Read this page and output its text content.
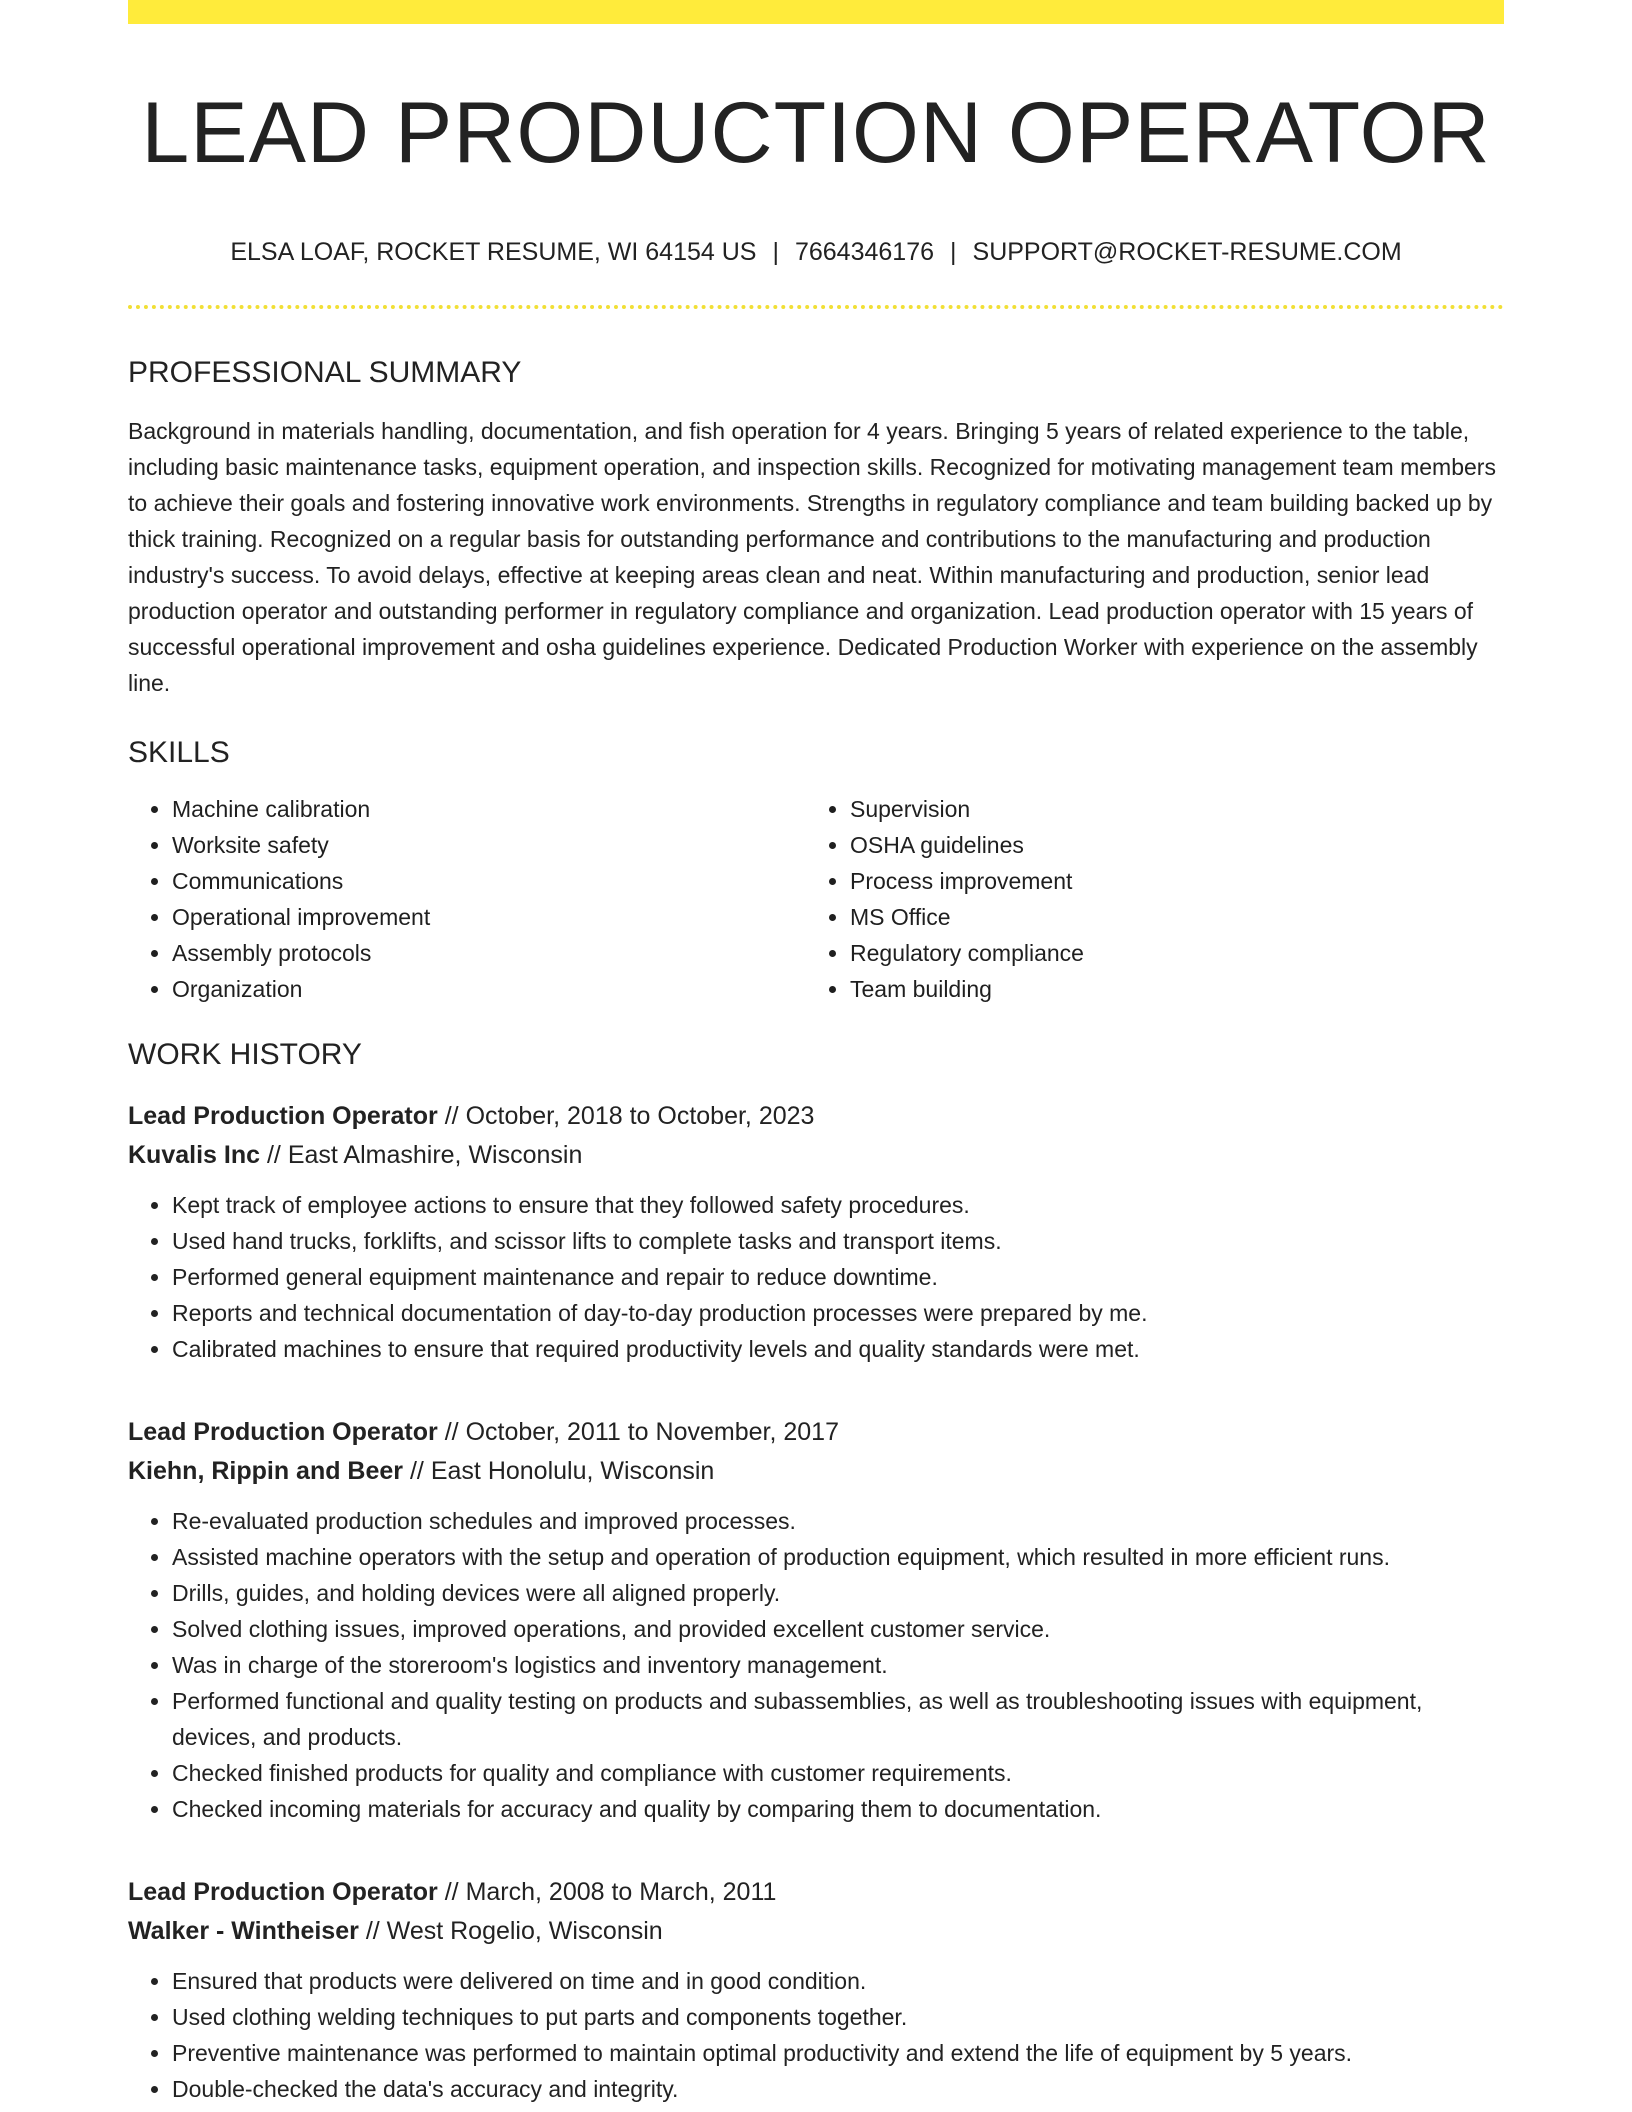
LEAD PRODUCTION OPERATOR
ELSA LOAF, ROCKET RESUME, WI 64154 US | 7664346176 | SUPPORT@ROCKET-RESUME.COM
PROFESSIONAL SUMMARY

Background in materials handling, documentation, and fish operation for 4 years. Bringing 5 years of related experience to the table, including basic maintenance tasks, equipment operation, and inspection skills. Recognized for motivating management team members to achieve their goals and fostering innovative work environments. Strengths in regulatory compliance and team building backed up by thick training. Recognized on a regular basis for outstanding performance and contributions to the manufacturing and production industry's success. To avoid delays, effective at keeping areas clean and neat. Within manufacturing and production, senior lead production operator and outstanding performer in regulatory compliance and organization. Lead production operator with 15 years of successful operational improvement and osha guidelines experience. Dedicated Production Worker with experience on the assembly line.

SKILLS
• Machine calibration
• Worksite safety
• Communications
• Operational improvement
• Assembly protocols
• Organization
• Supervision
• OSHA guidelines
• Process improvement
• MS Office
• Regulatory compliance
• Team building
WORK HISTORY
Lead Production Operator // October, 2018 to October, 2023
Kuvalis Inc // East Almashire, Wisconsin
• Kept track of employee actions to ensure that they followed safety procedures.
• Used hand trucks, forklifts, and scissor lifts to complete tasks and transport items.
• Performed general equipment maintenance and repair to reduce downtime.
• Reports and technical documentation of day-to-day production processes were prepared by me.
• Calibrated machines to ensure that required productivity levels and quality standards were met.
Lead Production Operator // October, 2011 to November, 2017
Kiehn, Rippin and Beer // East Honolulu, Wisconsin
• Re-evaluated production schedules and improved processes.
• Assisted machine operators with the setup and operation of production equipment, which resulted in more efficient runs.
• Drills, guides, and holding devices were all aligned properly.
• Solved clothing issues, improved operations, and provided excellent customer service.
• Was in charge of the storeroom's logistics and inventory management.
• Performed functional and quality testing on products and subassemblies, as well as troubleshooting issues with equipment, devices, and products.
• Checked finished products for quality and compliance with customer requirements.
• Checked incoming materials for accuracy and quality by comparing them to documentation.
Lead Production Operator // March, 2008 to March, 2011
Walker - Wintheiser // West Rogelio, Wisconsin
• Ensured that products were delivered on time and in good condition.
• Used clothing welding techniques to put parts and components together.
• Preventive maintenance was performed to maintain optimal productivity and extend the life of equipment by 5 years.
• Double-checked the data's accuracy and integrity.
